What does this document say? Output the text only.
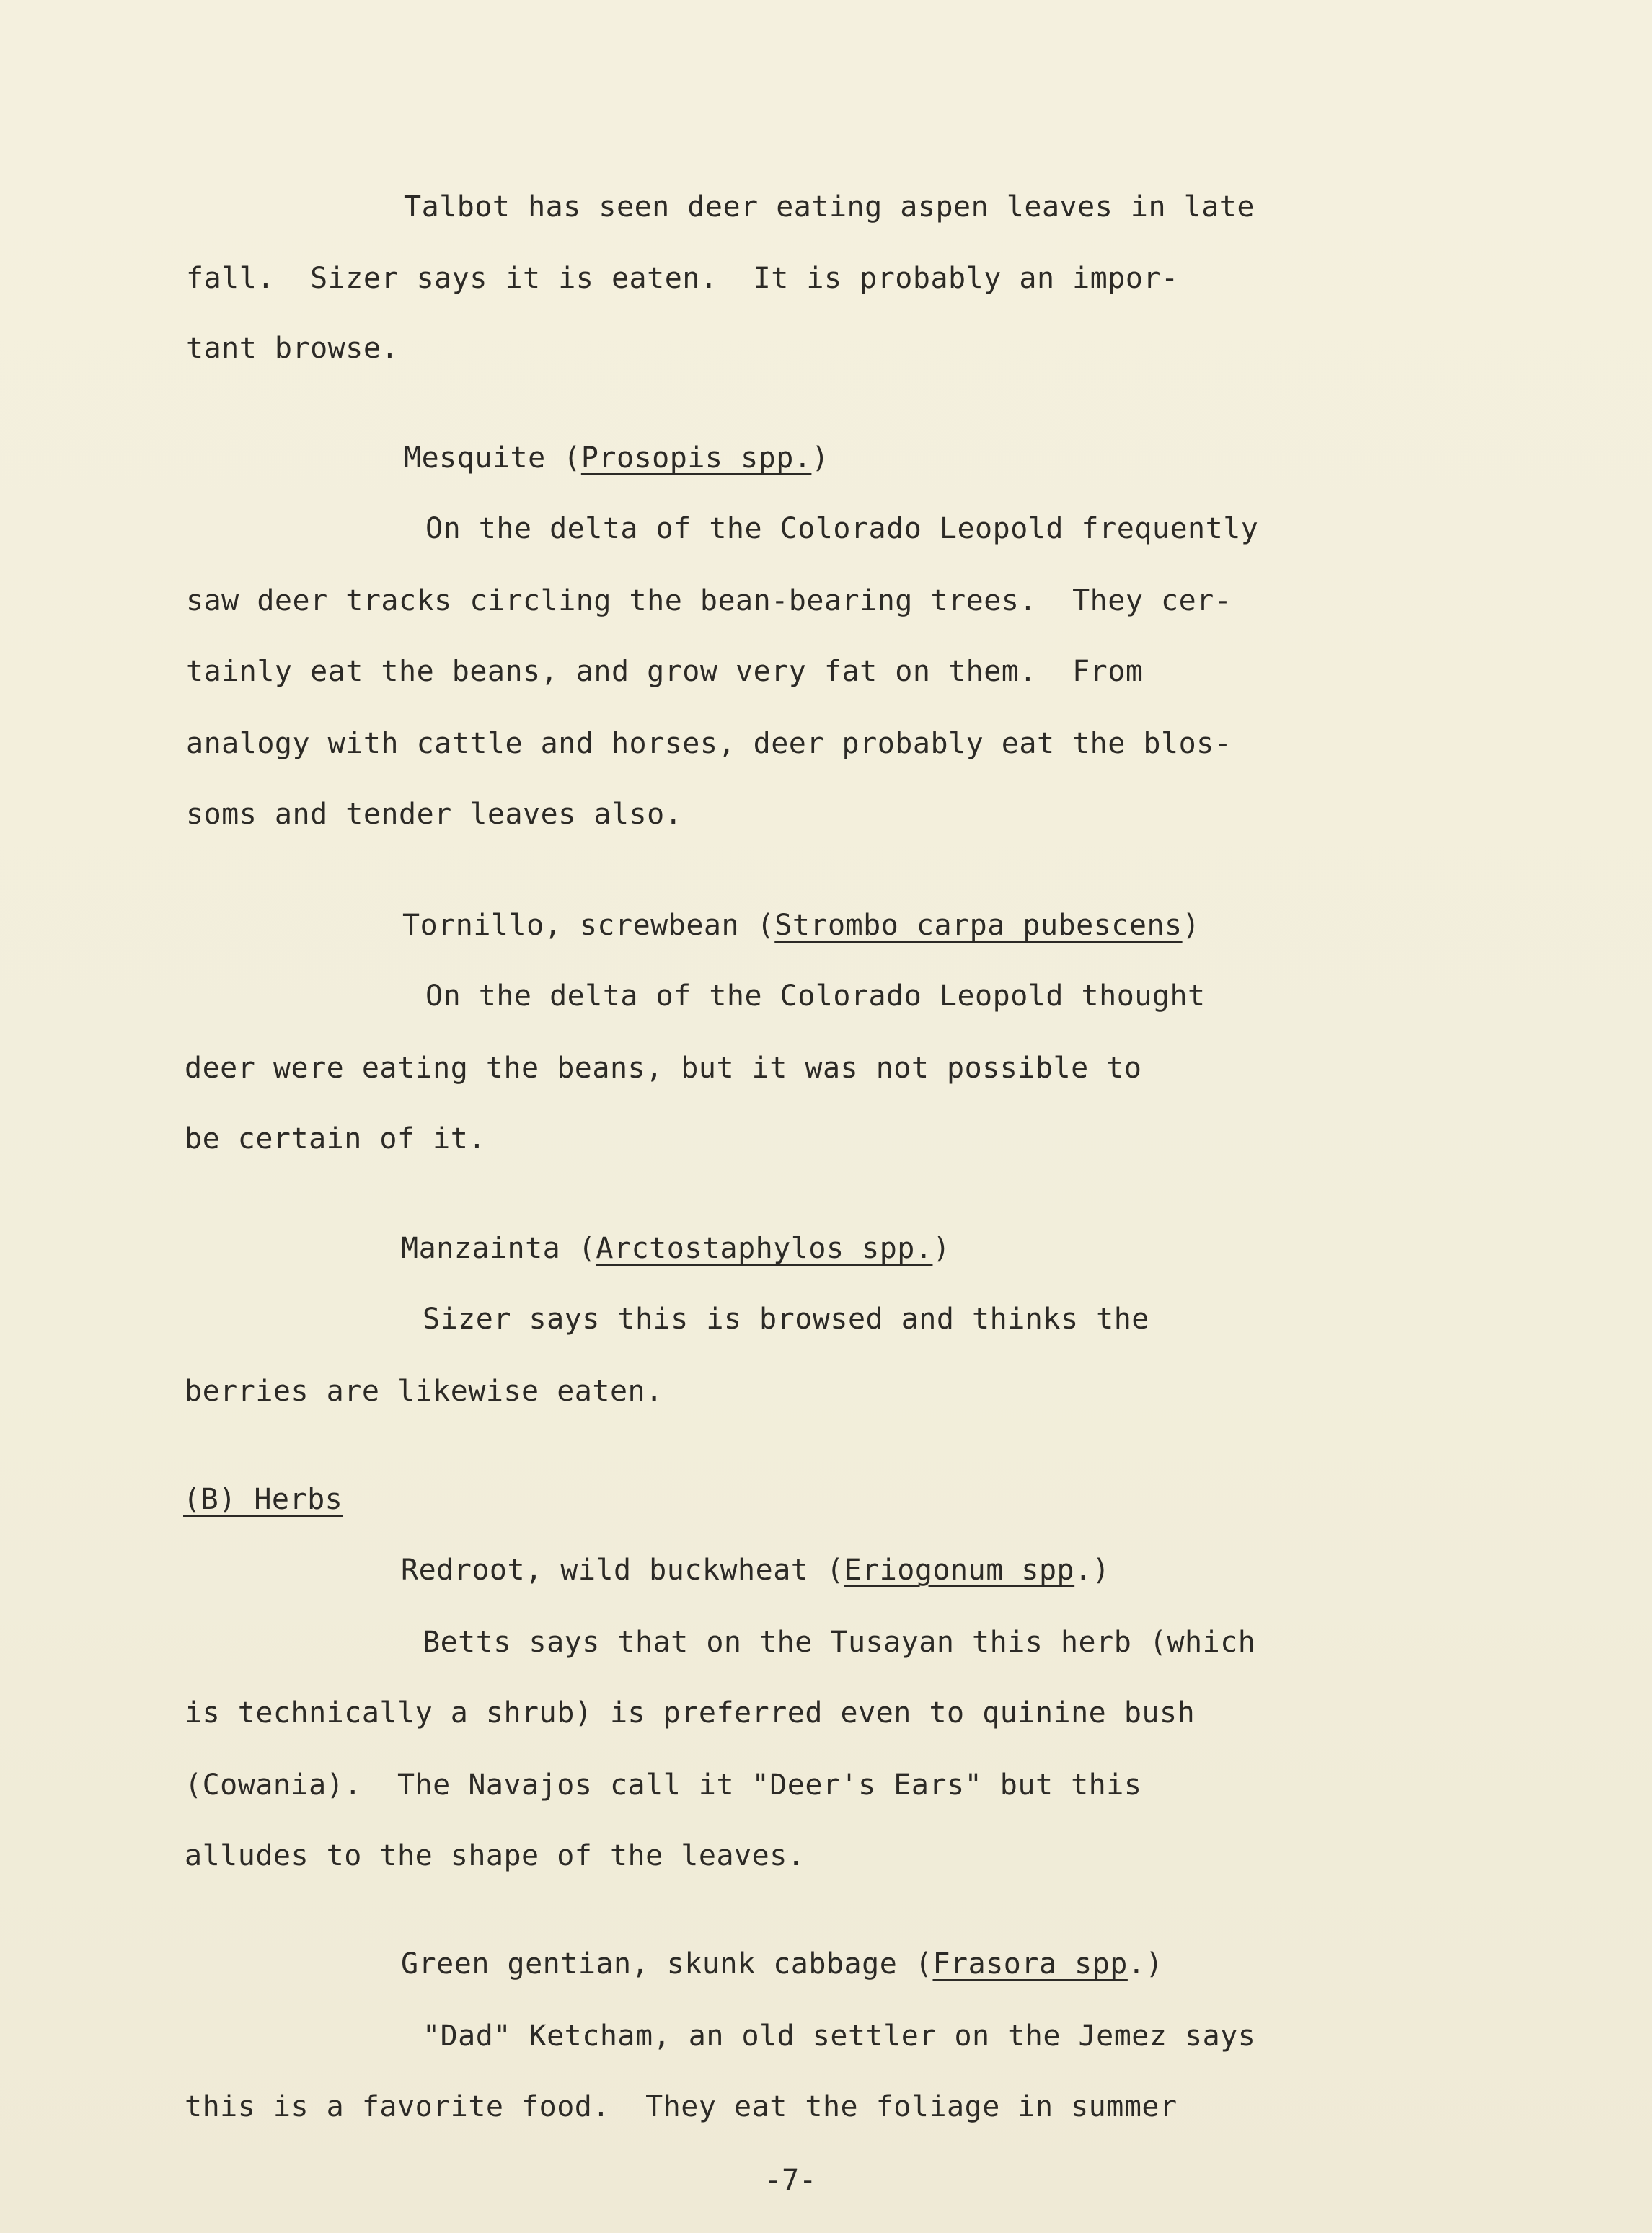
Talbot has seen deer eating aspen leaves in late
fall.  Sizer says it is eaten.  It is probably an impor-
tant browse.
Mesquite (Prosopis spp.)
On the delta of the Colorado Leopold frequently
saw deer tracks circling the bean-bearing trees.  They cer-
tainly eat the beans, and grow very fat on them.  From
analogy with cattle and horses, deer probably eat the blos-
soms and tender leaves also.
Tornillo, screwbean (Strombo carpa pubescens)
On the delta of the Colorado Leopold thought
deer were eating the beans, but it was not possible to
be certain of it.
Manzainta (Arctostaphylos spp.)
Sizer says this is browsed and thinks the
berries are likewise eaten.
(B) Herbs
Redroot, wild buckwheat (Eriogonum spp.)
Betts says that on the Tusayan this herb (which
is technically a shrub) is preferred even to quinine bush
(Cowania).  The Navajos call it "Deer's Ears" but this
alludes to the shape of the leaves.
Green gentian, skunk cabbage (Frasora spp.)
"Dad" Ketcham, an old settler on the Jemez says
this is a favorite food.  They eat the foliage in summer
-7-
